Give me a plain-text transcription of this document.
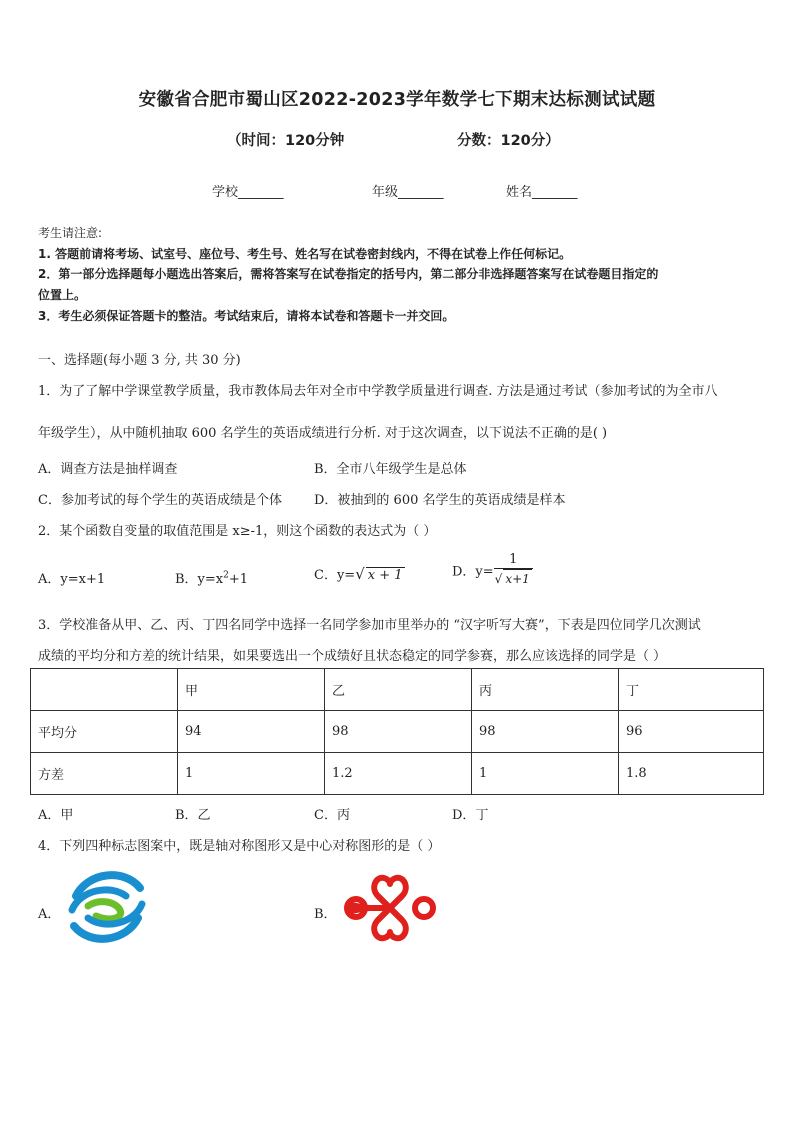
安徽省合肥市蜀山区2022-2023学年数学七下期末达标测试试题
（时间：120分钟	分数：120分）
学校_______	年级_______	姓名_______
考生请注意:
1. 答题前请将考场、试室号、座位号、考生号、姓名写在试卷密封线内，不得在试卷上作任何标记。
2．第一部分选择题每小题选出答案后，需将答案写在试卷指定的括号内，第二部分非选择题答案写在试卷题目指定的
位置上。
3．考生必须保证答题卡的整洁。考试结束后，请将本试卷和答题卡一并交回。
一、选择题(每小题 3 分, 共 30 分)
1．为了了解中学课堂教学质量，我市教体局去年对全市中学教学质量进行调查. 方法是通过考试（参加考试的为全市八
年级学生），从中随机抽取 600 名学生的英语成绩进行分析. 对于这次调查，以下说法不正确的是( )
A．调查方法是抽样调查	B．全市八年级学生是总体
C．参加考试的每个学生的英语成绩是个体 D．被抽到的 600 名学生的英语成绩是样本
2．某个函数自变量的取值范围是 x≥-1，则这个函数的表达式为（ ）
A．y=x+1	B．$y=x^2+1$	C．y=√ x + 1	D．$y= \frac{1}{√ x+1}$
3．学校准备从甲、乙、丙、丁四名同学中选择一名同学参加市里举办的 “汉字听写大赛”，下表是四位同学几次测试
成绩的平均分和方差的统计结果，如果要选出一个成绩好且状态稳定的同学参赛，那么应该选择的同学是（ ）
	甲	乙	丙	丁
平均分	94	98	98	96
方差	1	1.2	1	1.8
A．甲	B．乙	C．丙	D．丁
4．下列四种标志图案中，既是轴对称图形又是中心对称图形的是（ ）
A．	B．
